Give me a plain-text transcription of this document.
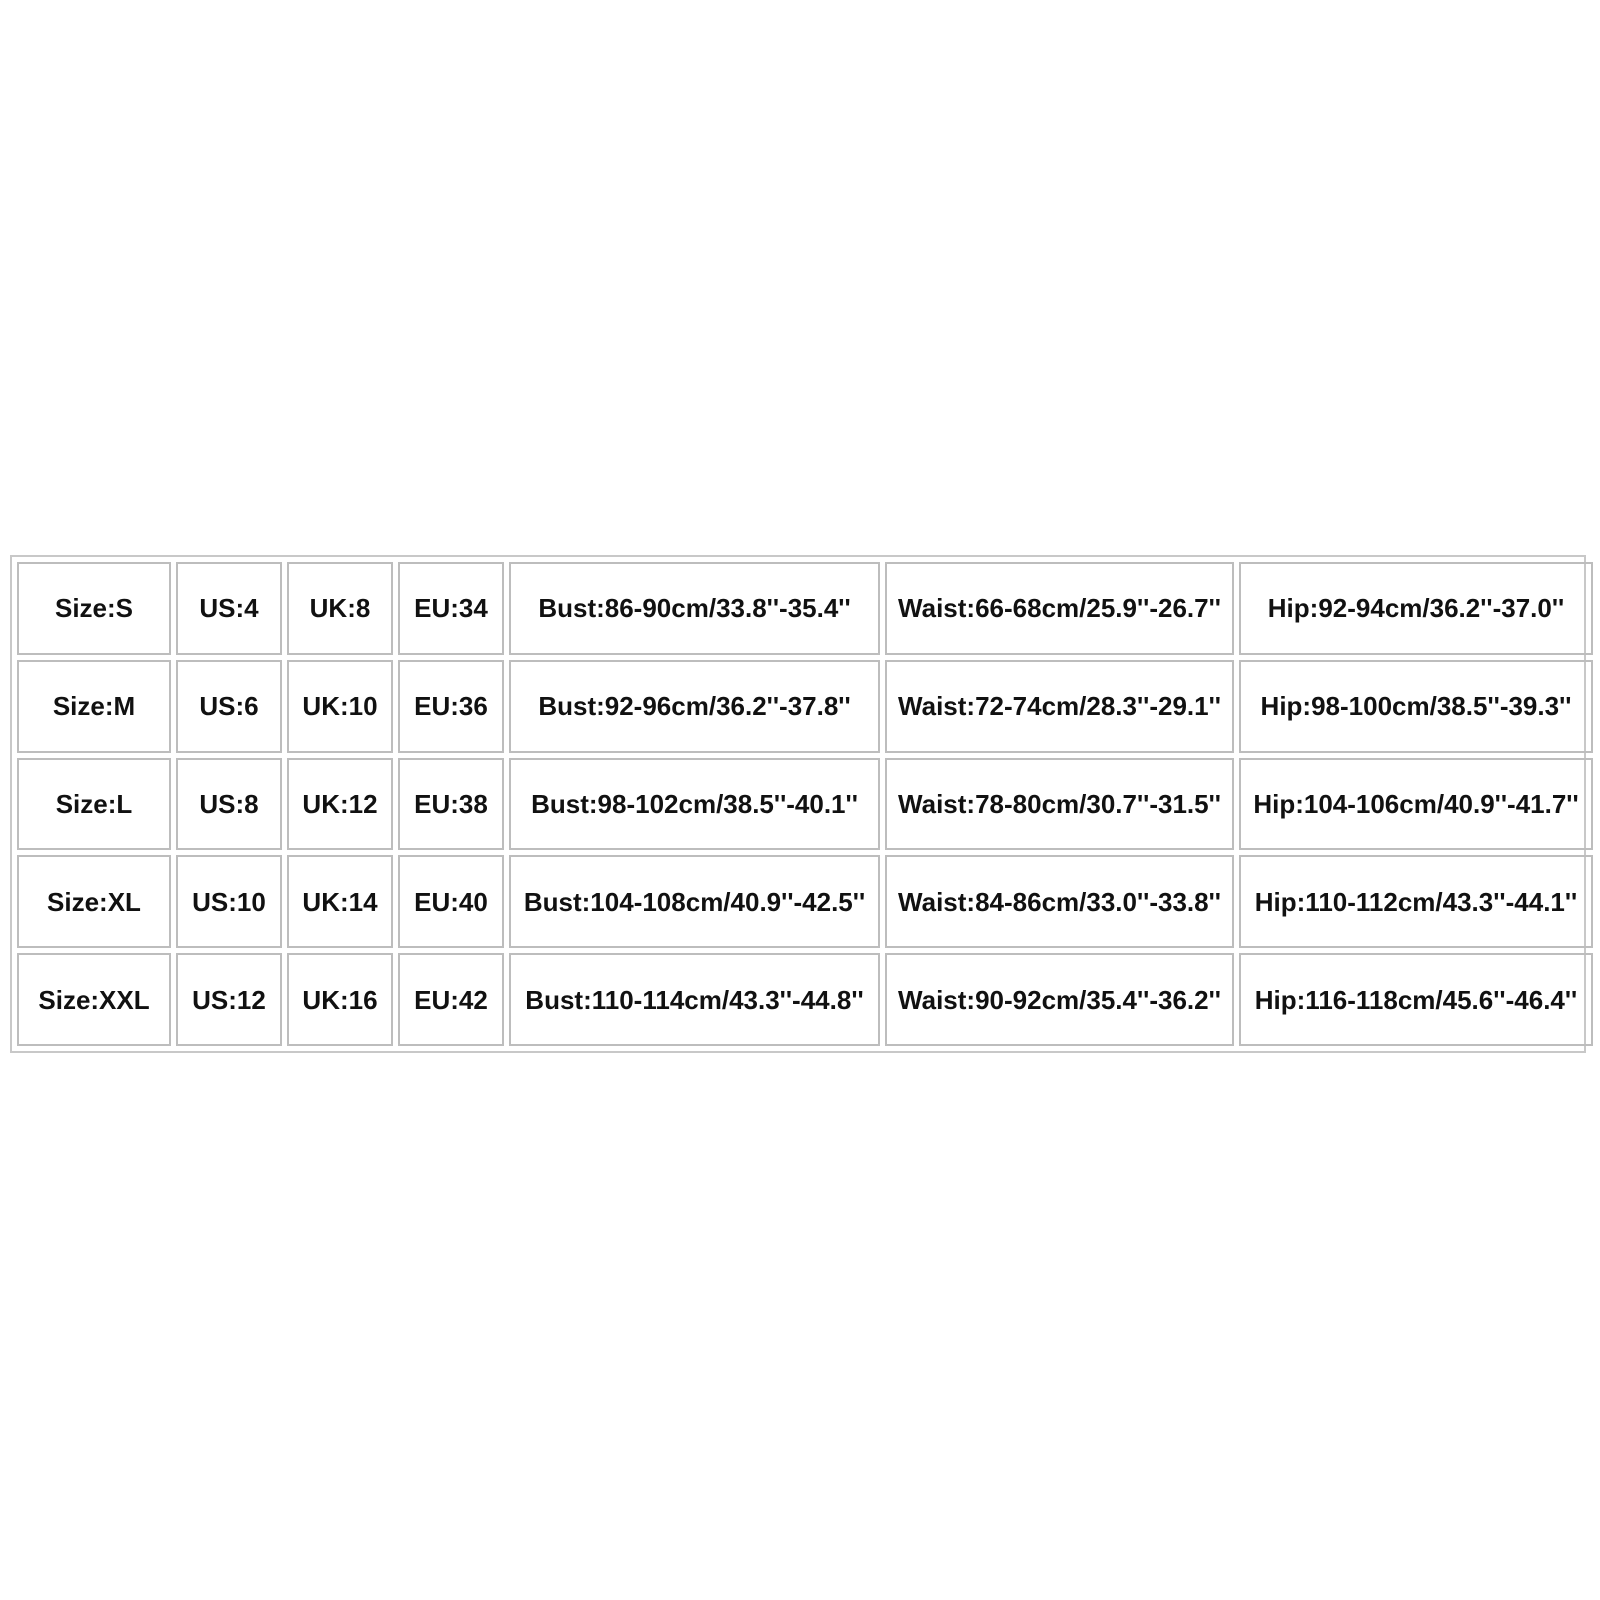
Size:S	US:4	UK:8	EU:34	Bust:86-90cm/33.8''-35.4''	Waist:66-68cm/25.9''-26.7''	Hip:92-94cm/36.2''-37.0''
Size:M	US:6	UK:10	EU:36	Bust:92-96cm/36.2''-37.8''	Waist:72-74cm/28.3''-29.1''	Hip:98-100cm/38.5''-39.3''
Size:L	US:8	UK:12	EU:38	Bust:98-102cm/38.5''-40.1''	Waist:78-80cm/30.7''-31.5''	Hip:104-106cm/40.9''-41.7''
Size:XL	US:10	UK:14	EU:40	Bust:104-108cm/40.9''-42.5''	Waist:84-86cm/33.0''-33.8''	Hip:110-112cm/43.3''-44.1''
Size:XXL	US:12	UK:16	EU:42	Bust:110-114cm/43.3''-44.8''	Waist:90-92cm/35.4''-36.2''	Hip:116-118cm/45.6''-46.4''
